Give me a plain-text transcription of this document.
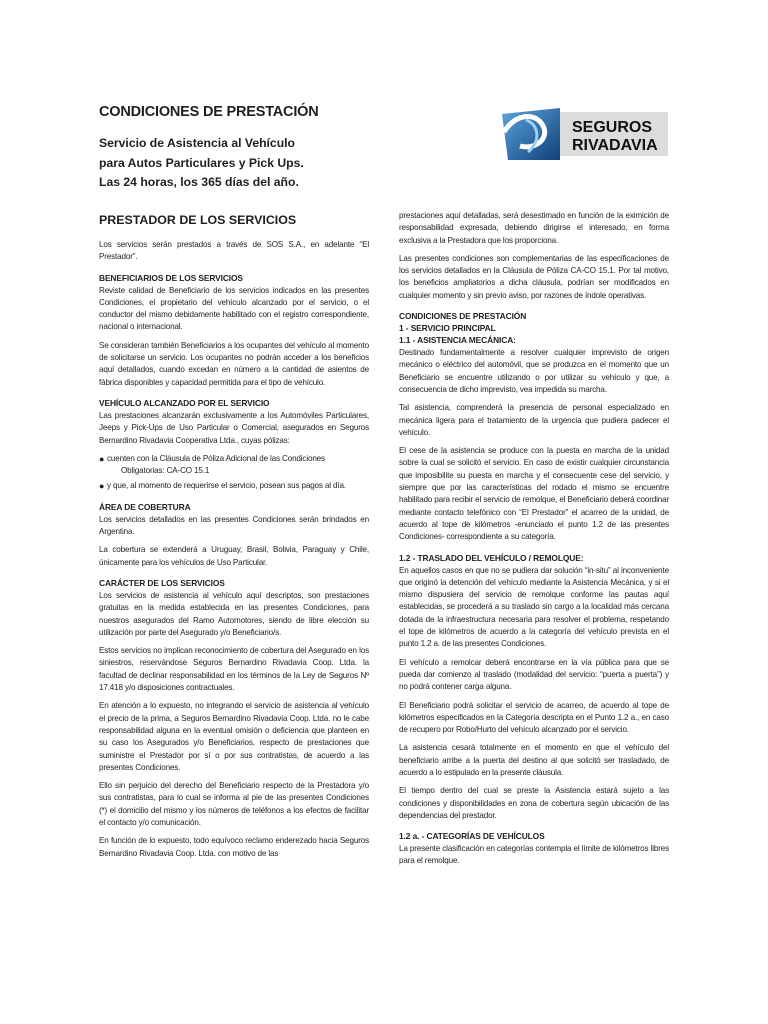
CONDICIONES DE PRESTACIÓN
Servicio de Asistencia al Vehículo
para Autos Particulares y Pick Ups.
Las 24 horas, los 365 días del año.
SEGUROS
RIVADAVIA
PRESTADOR DE LOS SERVICIOS

Los servicios serán prestados a través de SOS S.A., en adelante “El Prestador”.

BENEFICIARIOS DE LOS SERVICIOS

Reviste calidad de Beneficiario de los servicios indicados en las presentes Condiciones, el propietario del vehículo alcanzado por el servicio, o el conductor del mismo debidamente habilitado con el registro correspondiente, nacional o internacional.

Se consideran también Beneficiarios a los ocupantes del vehículo al momento de solicitarse un servicio. Los ocupantes no podrán acceder a los beneficios aquí detallados, cuando excedan en número a la cantidad de asientos de fábrica disponibles y capacidad permitida para el tipo de vehículo.

VEHÍCULO ALCANZADO POR EL SERVICIO

Las prestaciones alcanzarán exclusivamente a los Automóviles Particulares, Jeeps y Pick-Ups de Uso Particular o Comercial, asegurados en Seguros Bernardino Rivadavia Cooperativa Ltda., cuyas pólizas:

● cuenten con la Cláusula de Póliza Adicional de las Condiciones
Obligatorias: CA-CO 15.1
● y que, al momento de requerirse el servicio, posean sus pagos al día.
ÁREA DE COBERTURA

Los servicios detallados en las presentes Condiciones serán brindados en Argentina.

La cobertura se extenderá a Uruguay, Brasil, Bolivia, Paraguay y Chile, únicamente para los vehículos de Uso Particular.

CARÁCTER DE LOS SERVICIOS

Los servicios de asistencia al vehículo aquí descriptos, son prestaciones gratuitas en la medida establecida en las presentes Condiciones, para nuestros asegurados del Ramo Automotores, siendo de libre elección su utilización por parte del Asegurado y/o Beneficiario/s.

Estos servicios no implican reconocimiento de cobertura del Asegurado en los siniestros, reservándose Seguros Bernardino Rivadavia Coop. Ltda. la facultad de declinar responsabilidad en los términos de la Ley de Seguros Nº 17.418 y/o disposiciones contractuales.

En atención a lo expuesto, no integrando el servicio de asistencia al vehículo el precio de la prima, a Seguros Bernardino Rivadavia Coop. Ltda. no le cabe responsabilidad alguna en la eventual omisión o deficiencia que planteen en su caso los Asegurados y/o Beneficiarios, respecto de prestaciones que suministre el Prestador por sí o por sus contratistas, de acuerdo a las presentes Condiciones.

Ello sin perjuicio del derecho del Beneficiario respecto de la Prestadora y/o sus contratistas, para lo cual se informa al pie de las presentes Condiciones (*) el domicilio del mismo y los números de teléfonos a los efectos de facilitar el contacto y/o comunicación.

En función de lo expuesto, todo equívoco reclamo enderezado hacia Seguros Bernardino Rivadavia Coop. Ltda. con motivo de las

prestaciones aquí detalladas, será desestimado en función de la eximición de responsabilidad expresada, debiendo dirigirse el interesado, en forma exclusiva a la Prestadora que los proporciona.

Las presentes condiciones son complementarias de las especificaciones de los servicios detallados en la Cláusula de Póliza CA-CO 15.1. Por tal motivo, los beneficios ampliatorios a dicha cláusula, podrían ser modificados en cualquier momento y sin previo aviso, por razones de índole operativas.

CONDICIONES DE PRESTACIÓN
1 - SERVICIO PRINCIPAL
1.1 - ASISTENCIA MECÁNICA:

Destinado fundamentalmente a resolver cualquier imprevisto de origen mecánico o eléctrico del automóvil, que se produzca en el momento que un Beneficiario se encuentre utilizando o por utilizar su vehículo y que, a consecuencia de dicho imprevisto, vea impedida su marcha.

Tal asistencia, comprenderá la presencia de personal especializado en mecánica ligera para el tratamiento de la urgencia que pudiera padecer el vehículo.

El cese de la asistencia se produce con la puesta en marcha de la unidad sobre la cual se solicitó el servicio. En caso de existir cualquier circunstancia que imposibilite su puesta en marcha y el consecuente cese del servicio, y siempre que por las características del rodado el mismo se encuentre habilitado para recibir el servicio de remolque, el Beneficiario deberá coordinar mediante contacto telefónico con “El Prestador” el acarreo de la unidad, de acuerdo al tope de kilómetros -enunciado el punto 1.2 de las presentes Condiciones- correspondiente a su categoría.

1.2 - TRASLADO DEL VEHÍCULO / REMOLQUE:

En aquellos casos en que no se pudiera dar solución “in-situ” al inconveniente que originó la detención del vehículo mediante la Asistencia Mecánica, y si el mismo dispusiera del servicio de remolque conforme las pautas aquí establecidas, se procederá a su traslado sin cargo a la localidad más cercana dotada de la infraestructura necesaria para resolver el problema, respetando el tope de kilómetros de acuerdo a la categoría del vehículo prevista en el punto 1.2 a. de las presentes Condiciones.

El vehículo a remolcar deberá encontrarse en la vía pública para que se pueda dar comienzo al traslado (modalidad del servicio: “puerta a puerta”) y no podrá contener carga alguna.

El Beneficiario podrá solicitar el servicio de acarreo, de acuerdo al tope de kilómetros especificados en la Categoría descripta en el Punto 1.2 a., en caso de recupero por Robo/Hurto del vehículo alcanzado por el servicio.

La asistencia cesará totalmente en el momento en que el vehículo del beneficiario arribe a la puerta del destino al que solicitó ser trasladado, de acuerdo a lo estipulado en la presente cláusula.

El tiempo dentro del cual se preste la Asistencia estará sujeto a las condiciones y disponibilidades en zona de cobertura según ubicación de las dependencias del prestador.

1.2 a. - CATEGORÍAS DE VEHÍCULOS

La presente clasificación en categorías contempla el límite de kilómetros libres para el remolque.
